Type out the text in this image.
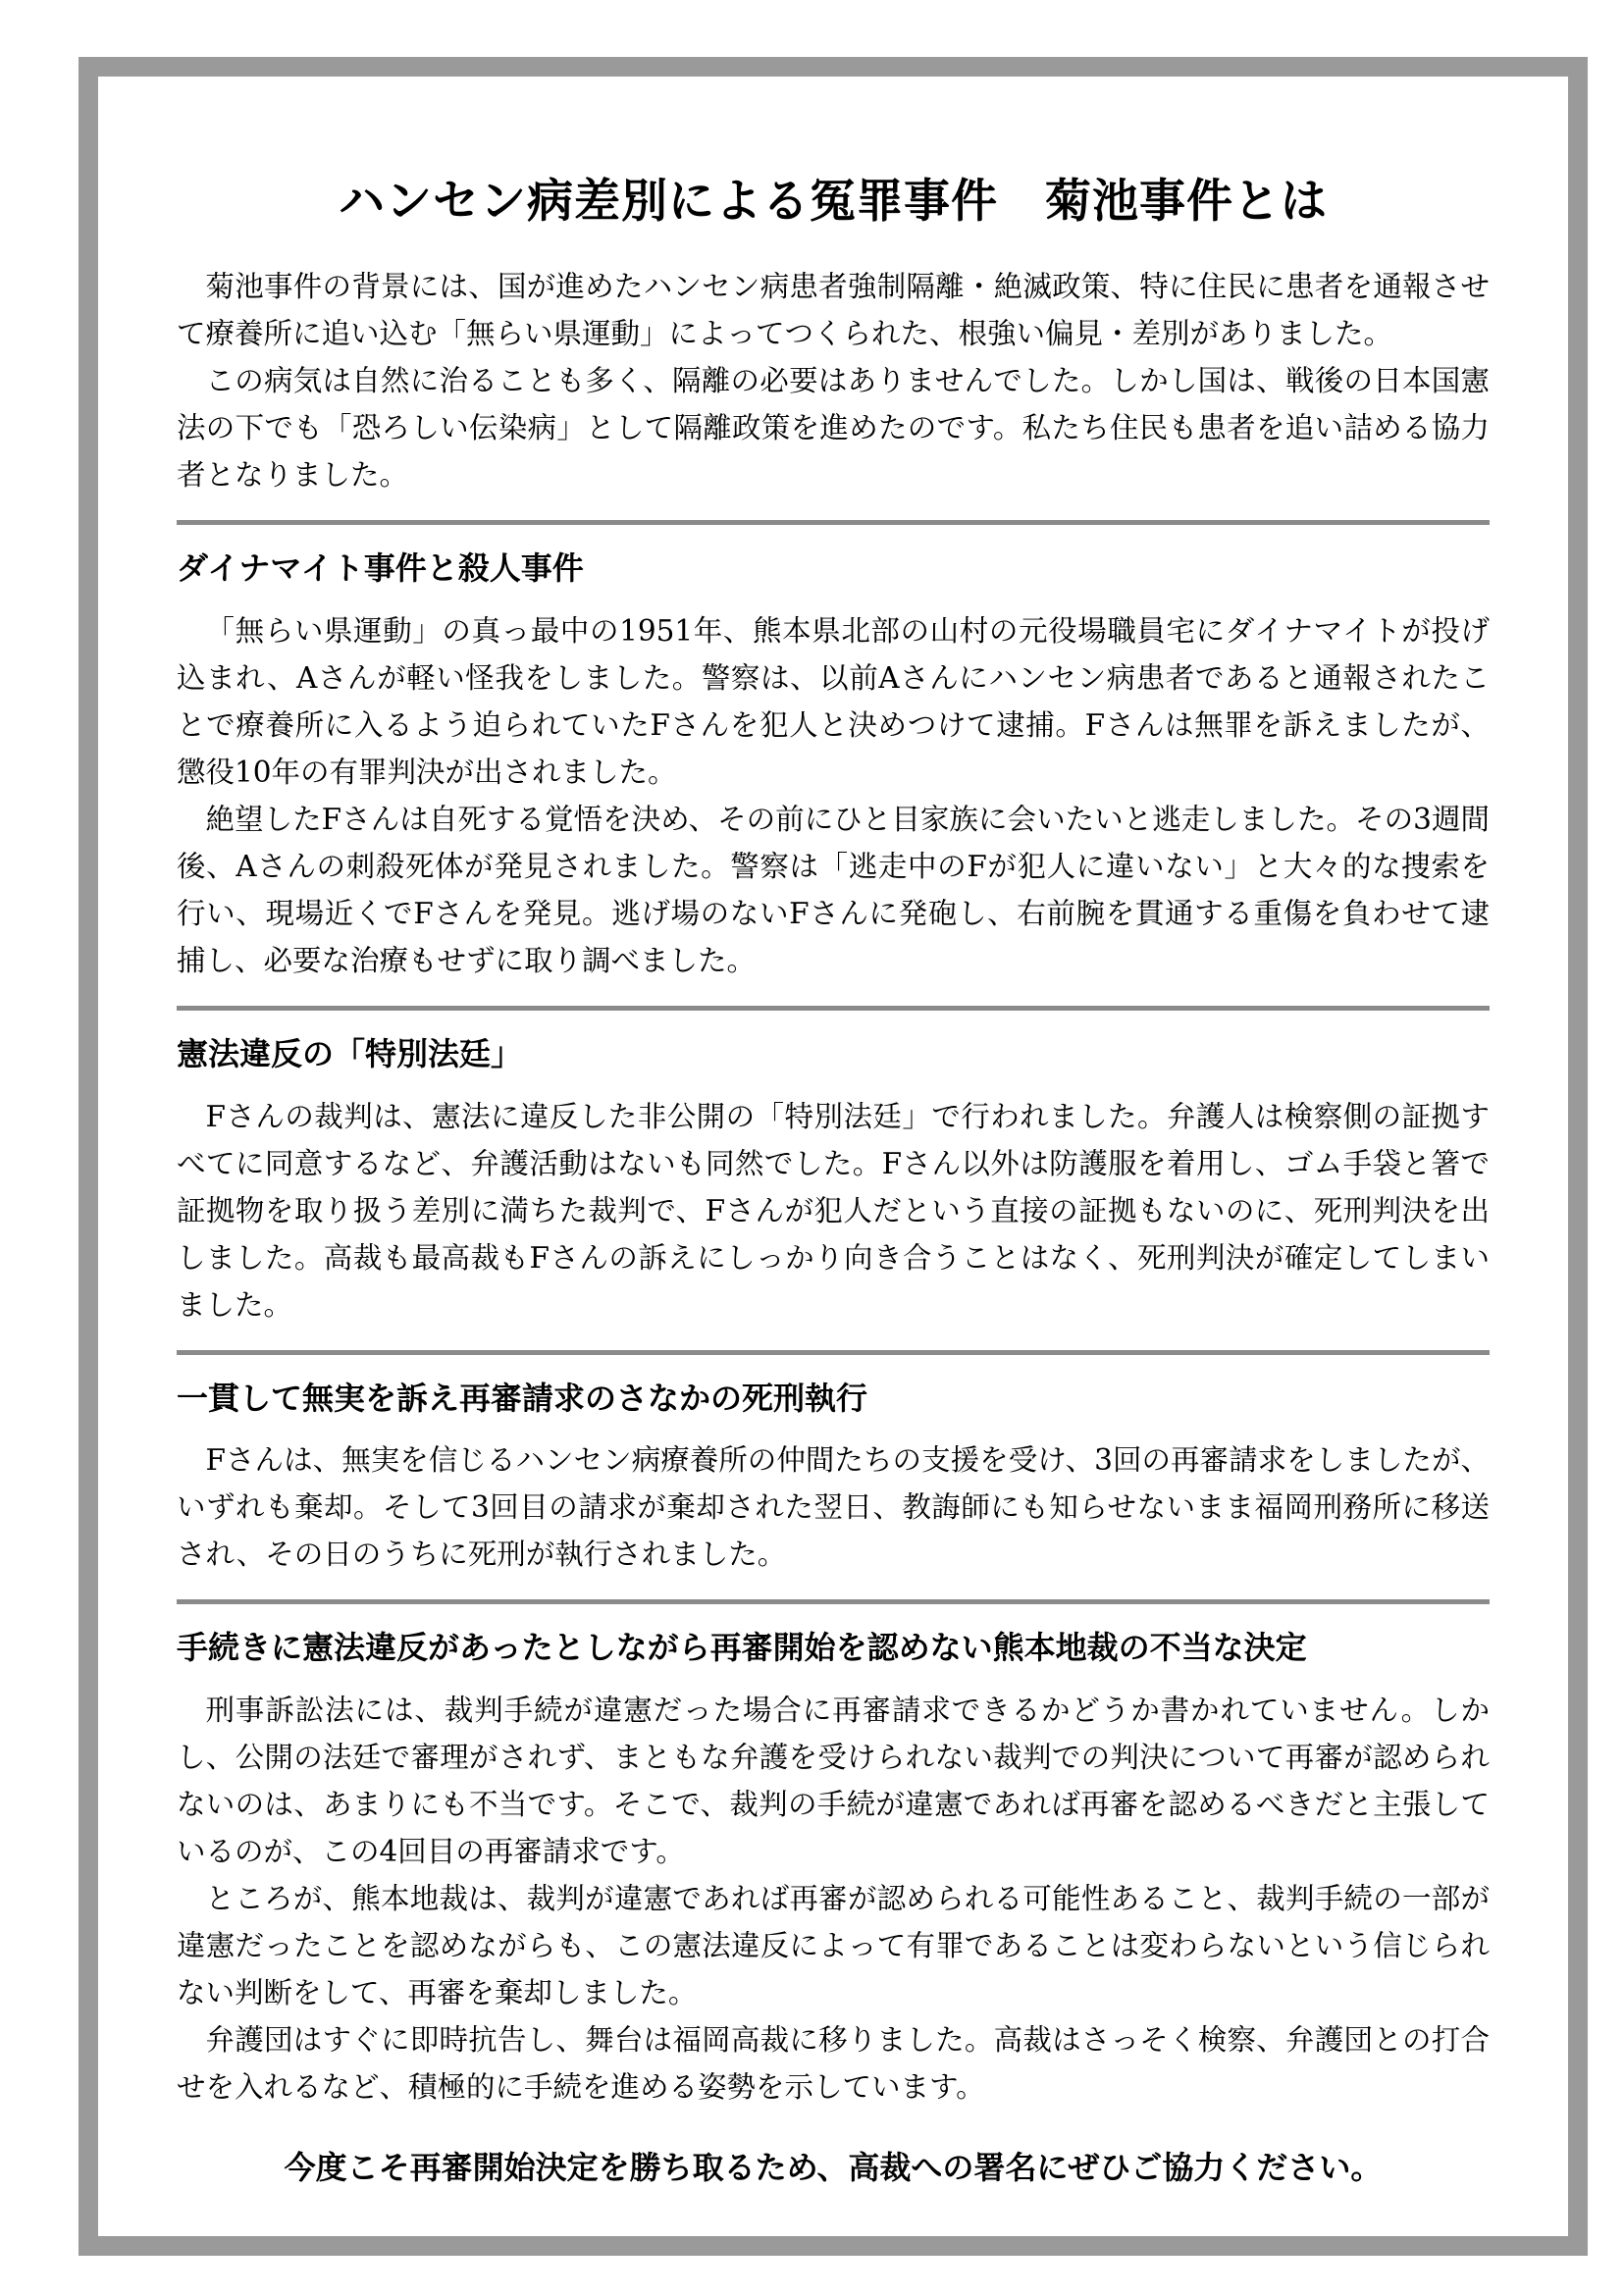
ハンセン病差別による冤罪事件　菊池事件とは

菊池事件の背景には、国が進めたハンセン病患者強制隔離・絶滅政策、特に住民に患者を通報させて療養所に追い込む「無らい県運動」によってつくられた、根強い偏見・差別がありました。

この病気は自然に治ることも多く、隔離の必要はありませんでした。しかし国は、戦後の日本国憲法の下でも「恐ろしい伝染病」として隔離政策を進めたのです。私たち住民も患者を追い詰める協力者となりました。

ダイナマイト事件と殺人事件

「無らい県運動」の真っ最中の1951年、熊本県北部の山村の元役場職員宅にダイナマイトが投げ込まれ、Aさんが軽い怪我をしました。警察は、以前Aさんにハンセン病患者であると通報されたことで療養所に入るよう迫られていたFさんを犯人と決めつけて逮捕。Fさんは無罪を訴えましたが、懲役10年の有罪判決が出されました。

絶望したFさんは自死する覚悟を決め、その前にひと目家族に会いたいと逃走しました。その3週間後、Aさんの刺殺死体が発見されました。警察は「逃走中のFが犯人に違いない」と大々的な捜索を行い、現場近くでFさんを発見。逃げ場のないFさんに発砲し、右前腕を貫通する重傷を負わせて逮捕し、必要な治療もせずに取り調べました。

憲法違反の「特別法廷」

Fさんの裁判は、憲法に違反した非公開の「特別法廷」で行われました。弁護人は検察側の証拠すべてに同意するなど、弁護活動はないも同然でした。Fさん以外は防護服を着用し、ゴム手袋と箸で証拠物を取り扱う差別に満ちた裁判で、Fさんが犯人だという直接の証拠もないのに、死刑判決を出しました。高裁も最高裁もFさんの訴えにしっかり向き合うことはなく、死刑判決が確定してしまいました。

一貫して無実を訴え再審請求のさなかの死刑執行

Fさんは、無実を信じるハンセン病療養所の仲間たちの支援を受け、3回の再審請求をしましたが、いずれも棄却。そして3回目の請求が棄却された翌日、教誨師にも知らせないまま福岡刑務所に移送され、その日のうちに死刑が執行されました。

手続きに憲法違反があったとしながら再審開始を認めない熊本地裁の不当な決定

刑事訴訟法には、裁判手続が違憲だった場合に再審請求できるかどうか書かれていません。しかし、公開の法廷で審理がされず、まともな弁護を受けられない裁判での判決について再審が認められないのは、あまりにも不当です。そこで、裁判の手続が違憲であれば再審を認めるべきだと主張しているのが、この4回目の再審請求です。

ところが、熊本地裁は、裁判が違憲であれば再審が認められる可能性あること、裁判手続の一部が違憲だったことを認めながらも、この憲法違反によって有罪であることは変わらないという信じられない判断をして、再審を棄却しました。

弁護団はすぐに即時抗告し、舞台は福岡高裁に移りました。高裁はさっそく検察、弁護団との打合せを入れるなど、積極的に手続を進める姿勢を示しています。

今度こそ再審開始決定を勝ち取るため、高裁への署名にぜひご協力ください。
